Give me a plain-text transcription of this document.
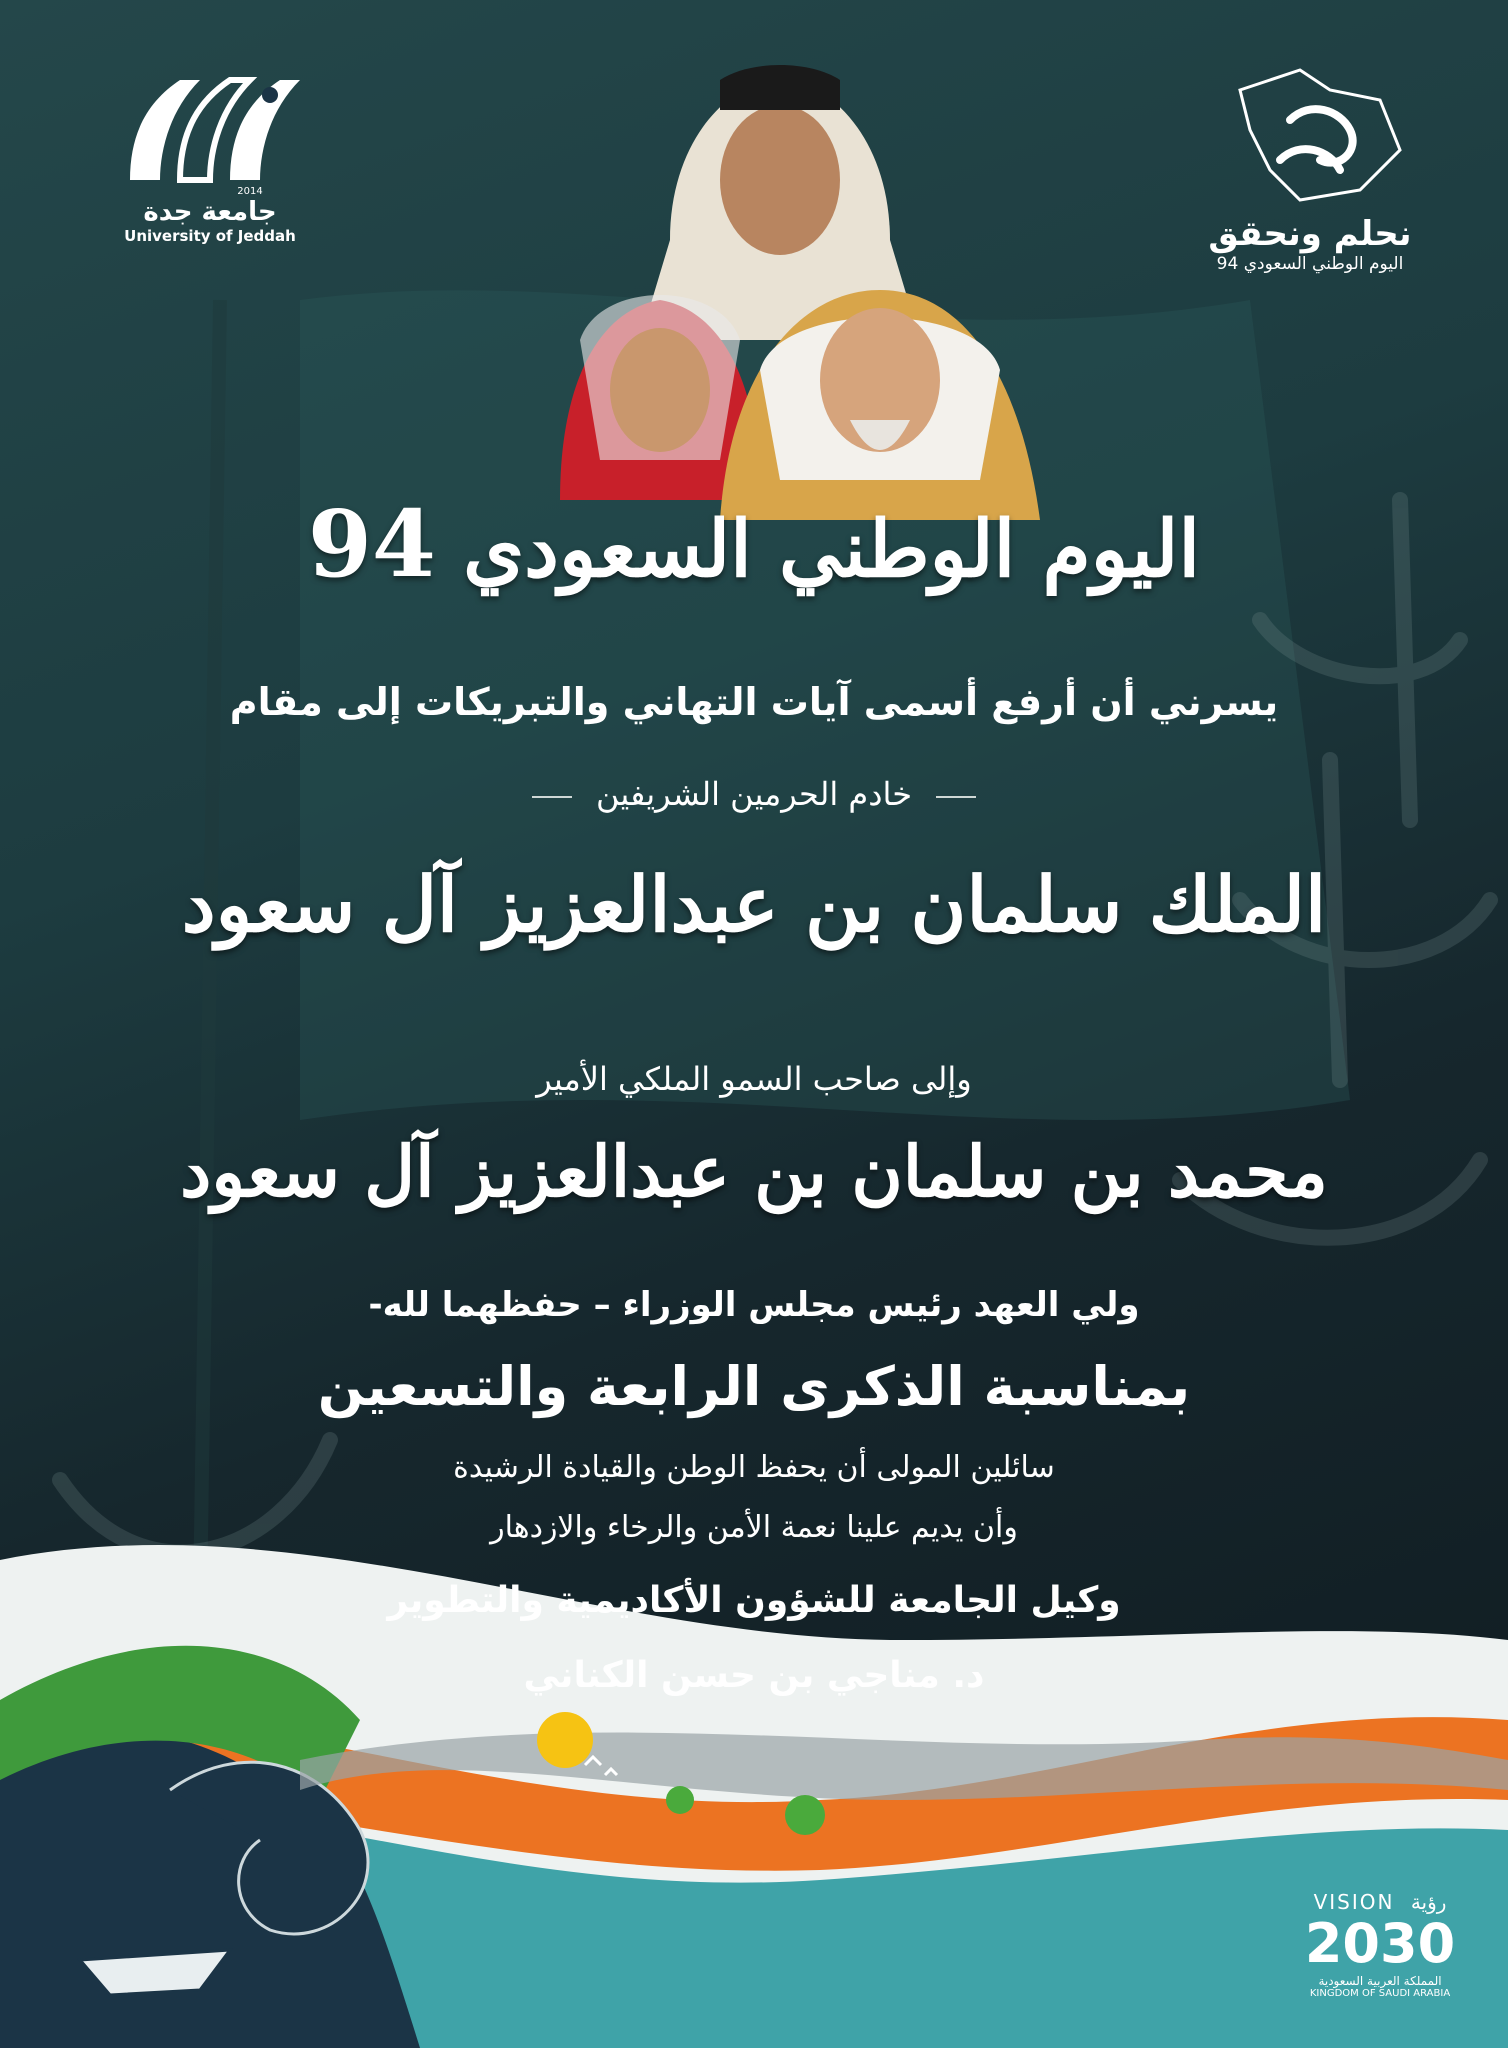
2014
جامعة جدة
University of Jeddah	نحلم ونحقق
اليوم الوطني السعودي 94
اليوم الوطني السعودي 94
يسرني أن أرفع أسمى آيات التهاني والتبريكات إلى مقام
خادم الحرمين الشريفين
الملك سلمان بن عبدالعزيز آل سعود
وإلى صاحب السمو الملكي الأمير
محمد بن سلمان بن عبدالعزيز آل سعود
ولي العهد رئيس مجلس الوزراء – حفظهما لله-
بمناسبة الذكرى الرابعة والتسعين
سائلين المولى أن يحفظ الوطن والقيادة الرشيدة
وأن يديم علينا نعمة الأمن والرخاء والازدهار
وكيل الجامعة للشؤون الأكاديمية والتطوير
د. مناجي بن حسن الكناني
VISION رؤية
2030
المملكة العربية السعودية
KINGDOM OF SAUDI ARABIA
